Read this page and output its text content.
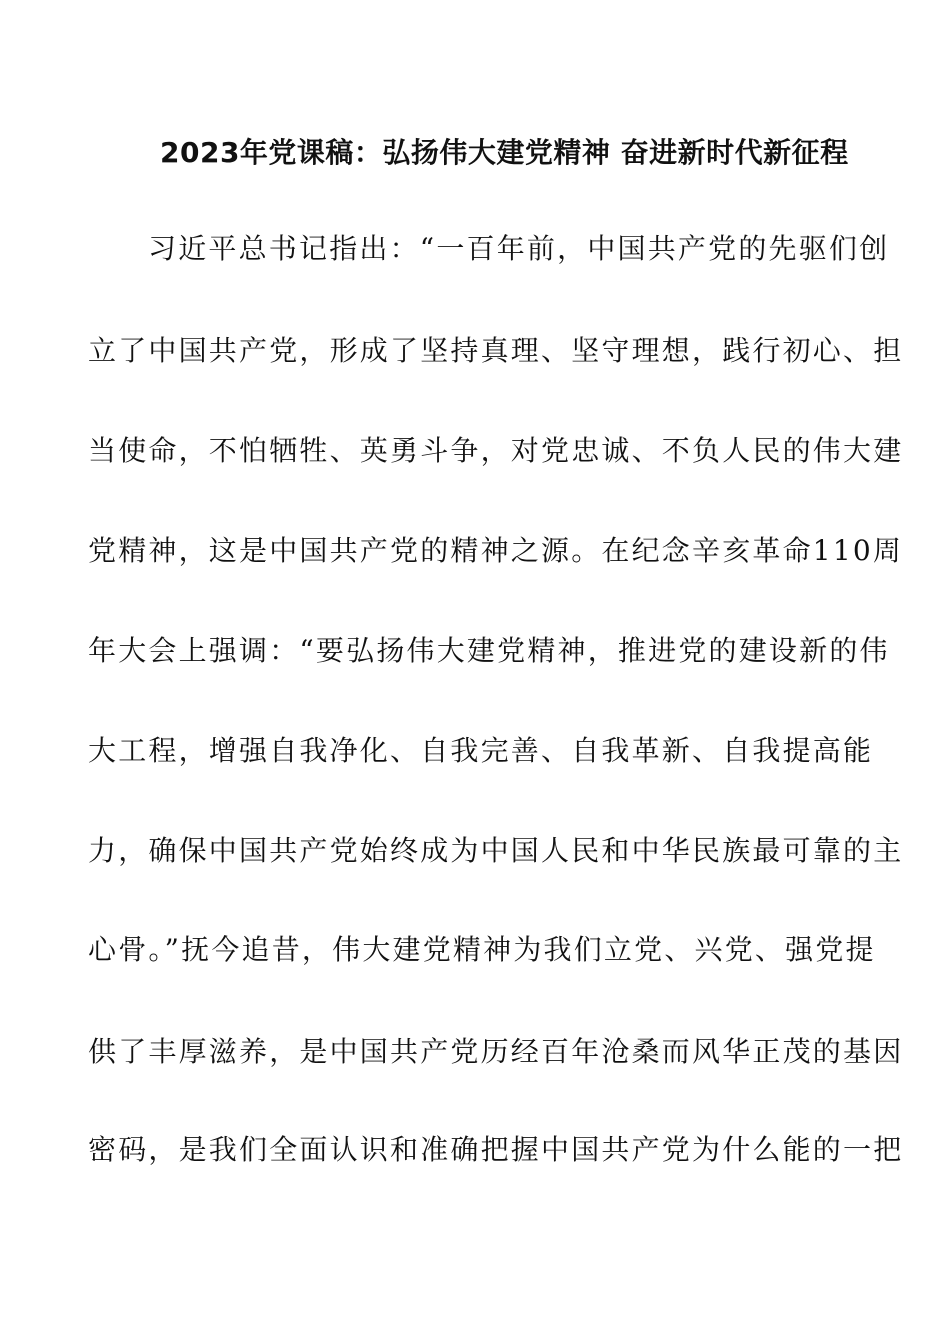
2023年党课稿：弘扬伟大建党精神 奋进新时代新征程
习近平总书记指出：“一百年前，中国共产党的先驱们创
立了中国共产党，形成了坚持真理、坚守理想，践行初心、担
当使命，不怕牺牲、英勇斗争，对党忠诚、不负人民的伟大建
党精神，这是中国共产党的精神之源。在纪念辛亥革命110周
年大会上强调：“要弘扬伟大建党精神，推进党的建设新的伟
大工程，增强自我净化、自我完善、自我革新、自我提高能
力，确保中国共产党始终成为中国人民和中华民族最可靠的主
心骨。”抚今追昔，伟大建党精神为我们立党、兴党、强党提
供了丰厚滋养，是中国共产党历经百年沧桑而风华正茂的基因
密码，是我们全面认识和准确把握中国共产党为什么能的一把
